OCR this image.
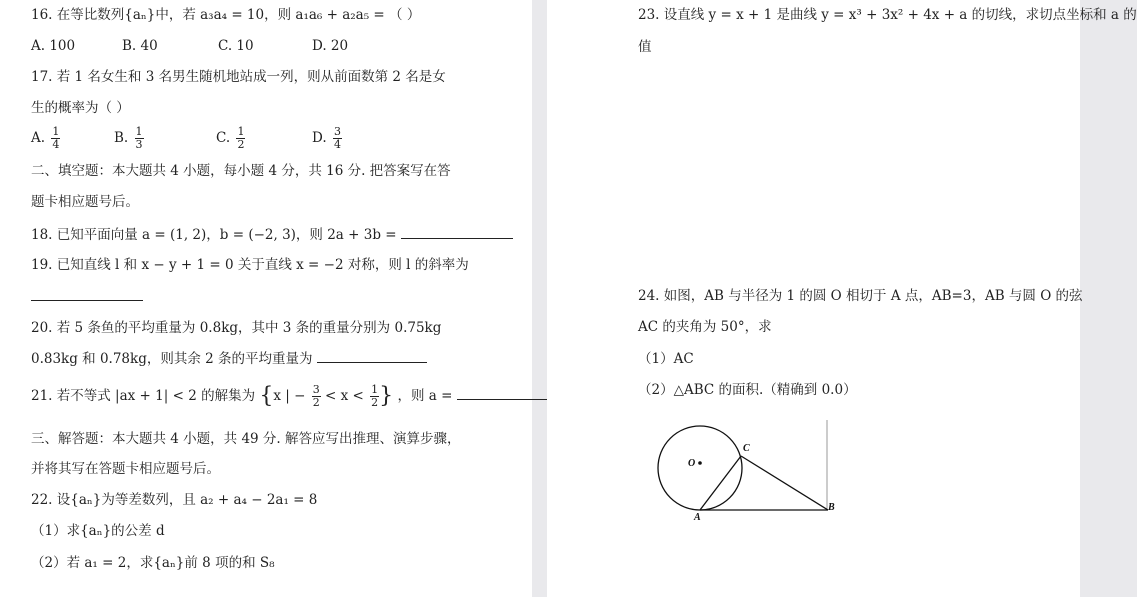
16. 在等比数列{aₙ}中，若 a₃a₄ = 10，则 a₁a₆ + a₂a₅ = （ ）
A. 100	B. 40	C. 10	D. 20
17. 若 1 名女生和 3 名男生随机地站成一列，则从前面数第 2 名是女
生的概率为（ ）
A. $\frac{1}{4}$	B. $\frac{1}{3}$	C. $\frac{1}{2}$	D. $\frac{3}{4}$
二、填空题：本大题共 4 小题，每小题 4 分，共 16 分. 把答案写在答
题卡相应题号后。
18. 已知平面向量 a = (1, 2)，b = (−2, 3)，则 2a + 3b =
19. 已知直线 l 和 x − y + 1 = 0 关于直线 x = −2 对称，则 l 的斜率为
20. 若 5 条鱼的平均重量为 0.8kg，其中 3 条的重量分别为 0.75kg
0.83kg 和 0.78kg，则其余 2 条的平均重量为
21. 若不等式 |ax + 1| < 2 的解集为 {x | − $\frac{3}{2} < x < \frac{1}{2}$ } ，则 a =
三、解答题：本大题共 4 小题，共 49 分. 解答应写出推理、演算步骤，
并将其写在答题卡相应题号后。
22. 设{aₙ}为等差数列，且 a₂ + a₄ − 2a₁ = 8
（1）求{aₙ}的公差 d
（2）若 a₁ = 2，求{aₙ}前 8 项的和 S₈
23. 设直线 y = x + 1 是曲线 y = x³ + 3x² + 4x + a 的切线，求切点坐标和 a 的
值
24. 如图，AB 与半径为 1 的圆 O 相切于 A 点，AB=3，AB 与圆 O 的弦
AC 的夹角为 50°，求
（1）AC
（2）△ABC 的面积.（精确到 0.0）
O
C
A
B
